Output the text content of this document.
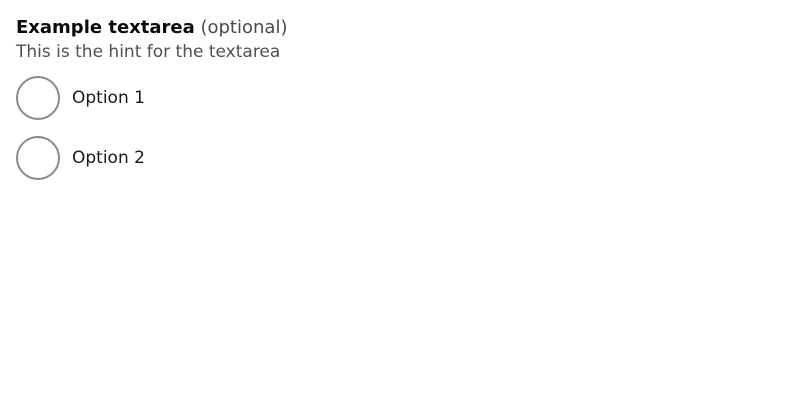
Example textarea (optional)

This is the hint for the textarea

Option 1
Option 2
